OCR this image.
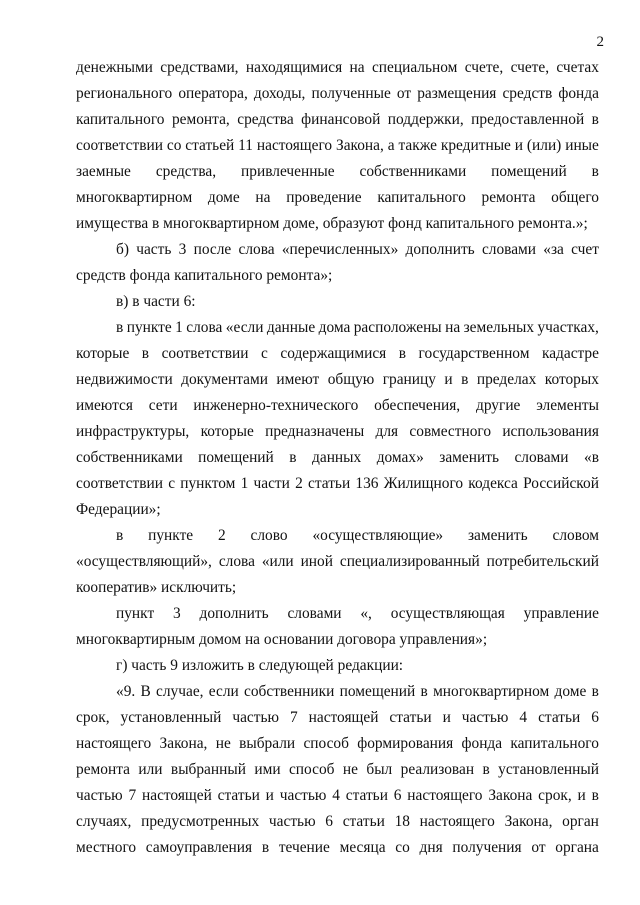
2
денежными средствами, находящимися на специальном счете, счете, счетах
регионального оператора, доходы, полученные от размещения средств фонда
капитального ремонта, средства финансовой поддержки, предоставленной в
соответствии со статьей 11 настоящего Закона, а также кредитные и (или) иные
заемные средства, привлеченные собственниками помещений в
многоквартирном доме на проведение капитального ремонта общего
имущества в многоквартирном доме, образуют фонд капитального ремонта.»;
б) часть 3 после слова «перечисленных» дополнить словами «за счет
средств фонда капитального ремонта»;
в) в части 6:
в пункте 1 слова «если данные дома расположены на земельных участках,
которые в соответствии с содержащимися в государственном кадастре
недвижимости документами имеют общую границу и в пределах которых
имеются сети инженерно-технического обеспечения, другие элементы
инфраструктуры, которые предназначены для совместного использования
собственниками помещений в данных домах» заменить словами «в
соответствии с пунктом 1 части 2 статьи 136 Жилищного кодекса Российской
Федерации»;
в пункте 2 слово «осуществляющие» заменить словом
«осуществляющий», слова «или иной специализированный потребительский
кооператив» исключить;
пункт 3 дополнить словами «, осуществляющая управление
многоквартирным домом на основании договора управления»;
г) часть 9 изложить в следующей редакции:
«9. В случае, если собственники помещений в многоквартирном доме в
срок, установленный частью 7 настоящей статьи и частью 4 статьи 6
настоящего Закона, не выбрали способ формирования фонда капитального
ремонта или выбранный ими способ не был реализован в установленный
частью 7 настоящей статьи и частью 4 статьи 6 настоящего Закона срок, и в
случаях, предусмотренных частью 6 статьи 18 настоящего Закона, орган
местного самоуправления в течение месяца со дня получения от органа
